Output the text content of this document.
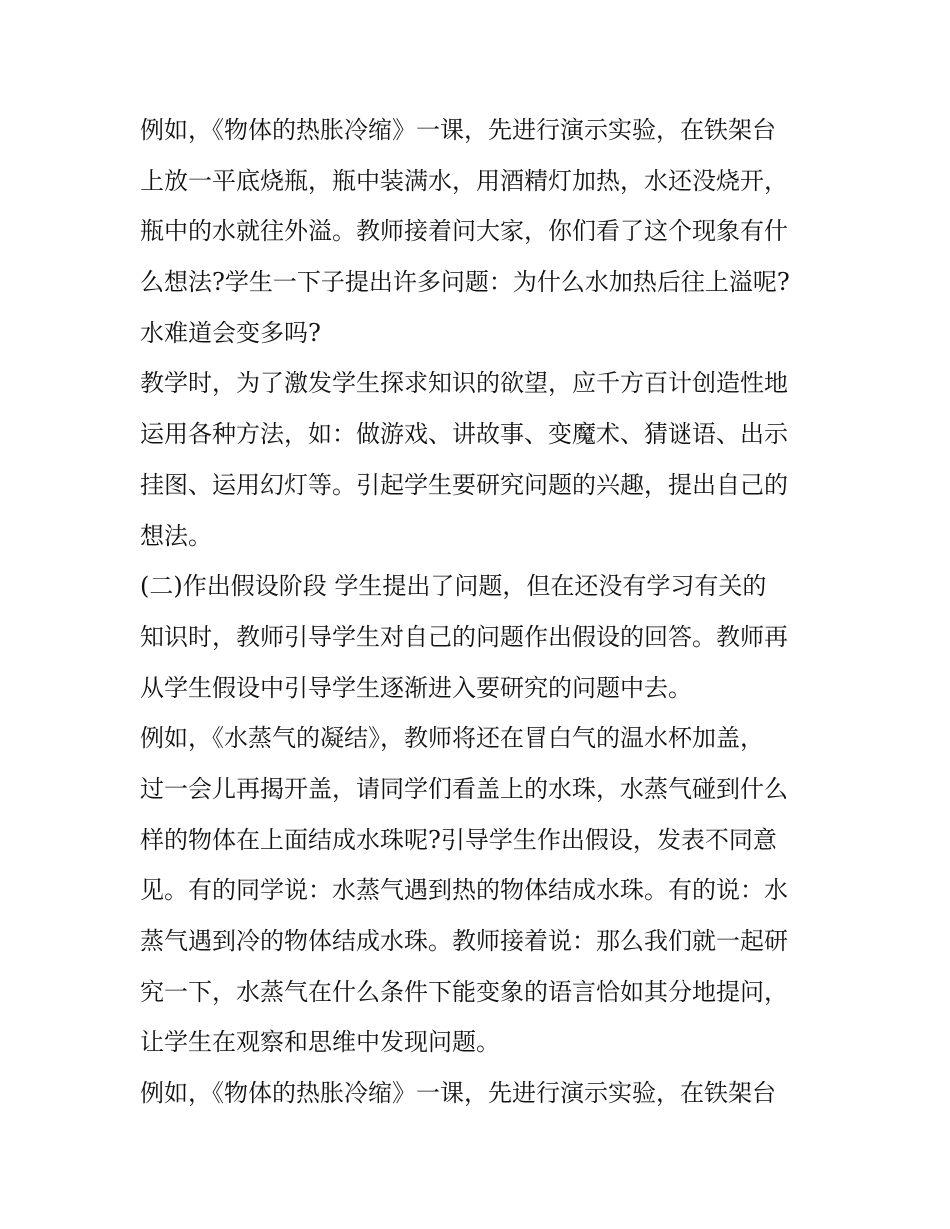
例如，《物体的热胀冷缩》一课，先进行演示实验，在铁架台
上放一平底烧瓶，瓶中装满水，用酒精灯加热，水还没烧开，
瓶中的水就往外溢。教师接着问大家，你们看了这个现象有什
么想法?学生一下子提出许多问题：为什么水加热后往上溢呢?
水难道会变多吗?
教学时，为了激发学生探求知识的欲望，应千方百计创造性地
运用各种方法，如：做游戏、讲故事、变魔术、猜谜语、出示
挂图、运用幻灯等。引起学生要研究问题的兴趣，提出自己的
想法。
(二)作出假设阶段 学生提出了问题，但在还没有学习有关的
知识时，教师引导学生对自己的问题作出假设的回答。教师再
从学生假设中引导学生逐渐进入要研究的问题中去。
例如，《水蒸气的凝结》，教师将还在冒白气的温水杯加盖，
过一会儿再揭开盖，请同学们看盖上的水珠，水蒸气碰到什么
样的物体在上面结成水珠呢?引导学生作出假设，发表不同意
见。有的同学说：水蒸气遇到热的物体结成水珠。有的说：水
蒸气遇到冷的物体结成水珠。教师接着说：那么我们就一起研
究一下，水蒸气在什么条件下能变象的语言恰如其分地提问，
让学生在观察和思维中发现问题。
例如，《物体的热胀冷缩》一课，先进行演示实验，在铁架台
